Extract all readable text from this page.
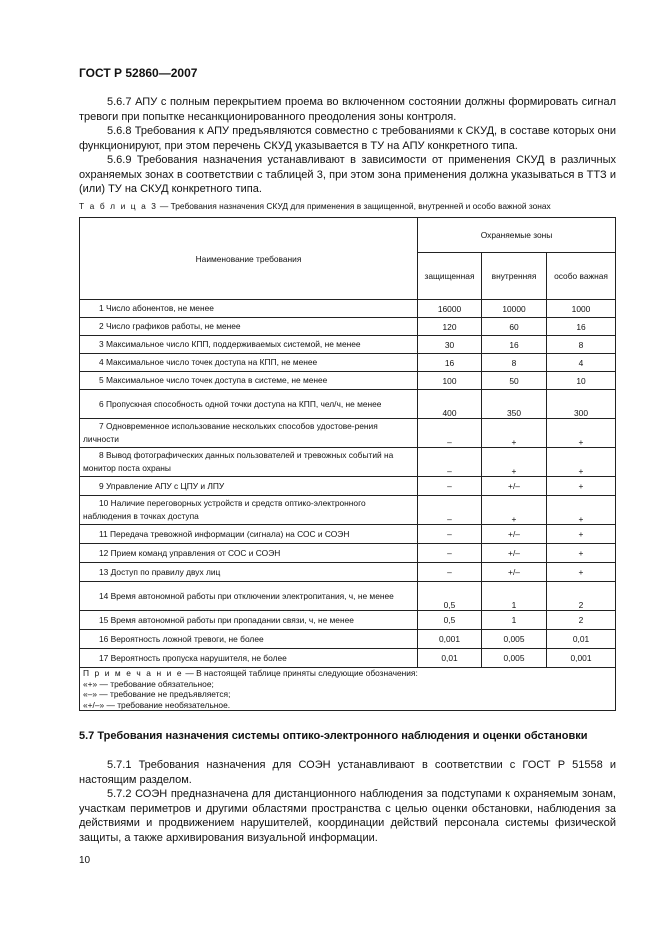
ГОСТ Р 52860—2007

5.6.7 АПУ с полным перекрытием проема во включенном состоянии должны формировать сигнал тревоги при попытке несанкционированного преодоления зоны контроля.

5.6.8 Требования к АПУ предъявляются совместно с требованиями к СКУД, в составе которых они функционируют, при этом перечень СКУД указывается в ТУ на АПУ конкретного типа.

5.6.9 Требования назначения устанавливают в зависимости от применения СКУД в различных охраняемых зонах в соответствии с таблицей 3, при этом зона применения должна указываться в ТТЗ и (или) ТУ на СКУД конкретного типа.

Т а б л и ц а 3 — Требования назначения СКУД для применения в защищенной, внутренней и особо важной зонах
Наименование требования	Охраняемые зоны		
	защищенная	внутренняя	особо важная
1 Число абонентов, не менее	16000	10000	1000
2 Число графиков работы, не менее	120	60	16
3 Максимальное число КПП, поддерживаемых системой, не менее	30	16	8
4 Максимальное число точек доступа на КПП, не менее	16	8	4
5 Максимальное число точек доступа в системе, не менее	100	50	10
6 Пропускная способность одной точки доступа на КПП, чел/ч, не менее	400	350	300
7 Одновременное использование нескольких способов удостове-рения личности	–	+	+
8 Вывод фотографических данных пользователей и тревожных событий на монитор поста охраны	–	+	+
9 Управление АПУ с ЦПУ и ЛПУ	–	+/–	+
10 Наличие переговорных устройств и средств оптико-электронного наблюдения в точках доступа	–	+	+
11 Передача тревожной информации (сигнала) на СОС и СОЭН	–	+/–	+
12 Прием команд управления от СОС и СОЭН	–	+/–	+
13 Доступ по правилу двух лиц	–	+/–	+
14 Время автономной работы при отключении электропитания, ч, не менее	0,5	1	2
15 Время автономной работы при пропадании связи, ч, не менее	0,5	1	2
16 Вероятность ложной тревоги, не более	0,001	0,005	0,01
17 Вероятность пропуска нарушителя, не более	0,01	0,005	0,001

П р и м е ч а н и е — В настоящей таблице приняты следующие обозначения:
«+» — требование обязательное;
«–» — требование не предъявляется;
«+/–» — требование необязательное.			
5.7 Требования назначения системы оптико-электронного наблюдения и оценки обстановки

5.7.1 Требования назначения для СОЭН устанавливают в соответствии с ГОСТ Р 51558 и настоящим разделом.

5.7.2 СОЭН предназначена для дистанционного наблюдения за подступами к охраняемым зонам, участкам периметров и другими областями пространства с целью оценки обстановки, наблюдения за действиями и продвижением нарушителей, координации действий персонала системы физической защиты, а также архивирования визуальной информации.

10
